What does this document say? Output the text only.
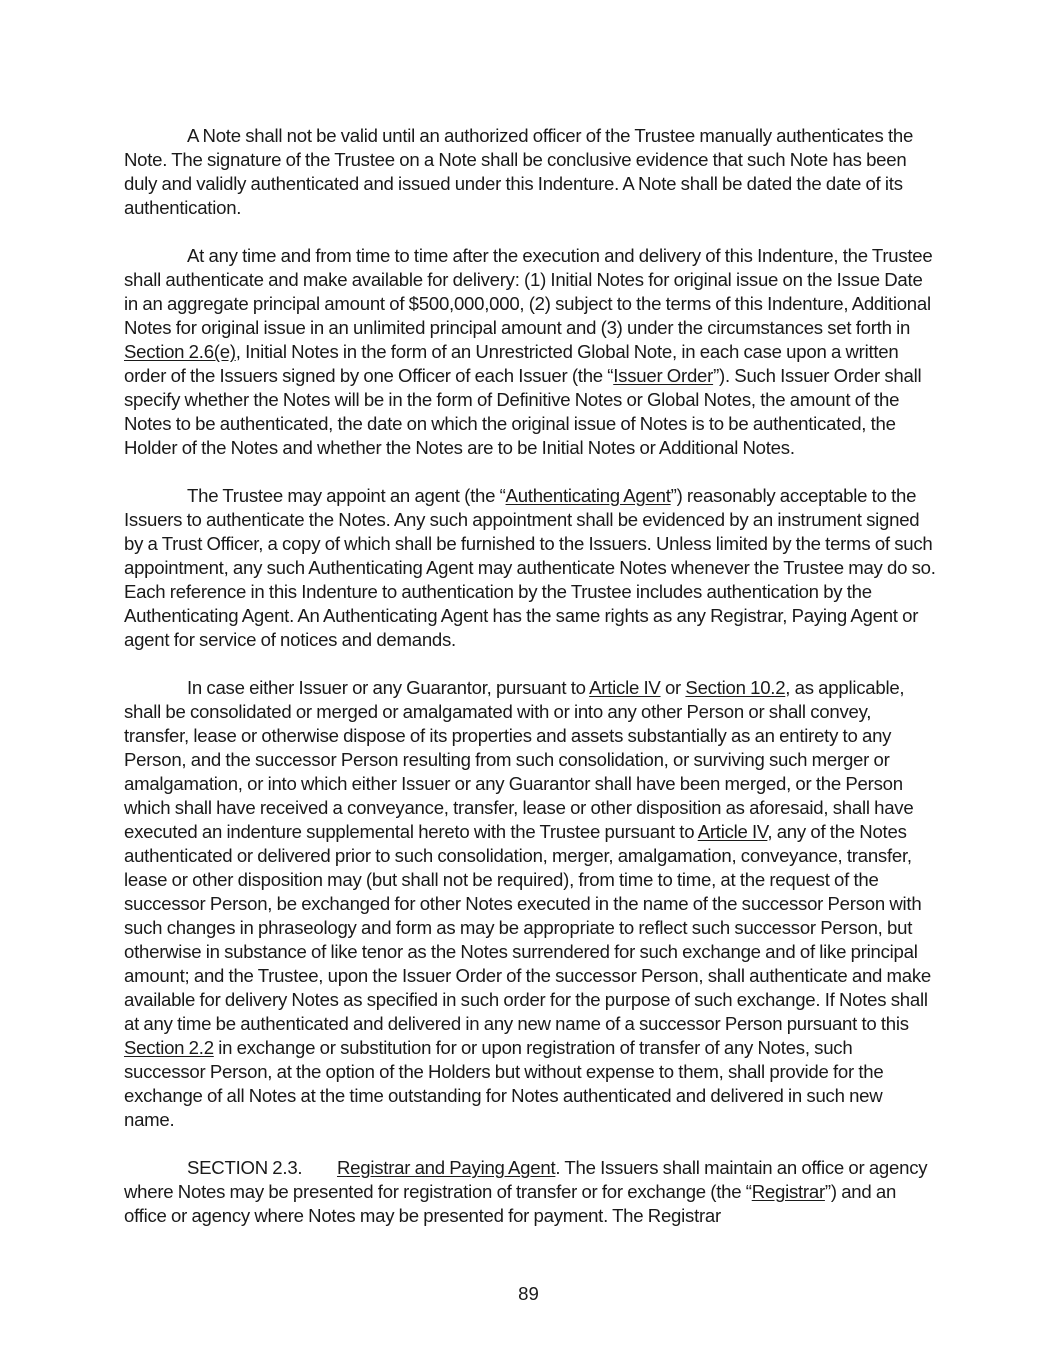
A Note shall not be valid until an authorized officer of the Trustee manually authenticates the Note. The signature of the Trustee on a Note shall be conclusive evidence that such Note has been duly and validly authenticated and issued under this Indenture. A Note shall be dated the date of its authentication.

At any time and from time to time after the execution and delivery of this Indenture, the Trustee shall authenticate and make available for delivery: (1) Initial Notes for original issue on the Issue Date in an aggregate principal amount of $500,000,000, (2) subject to the terms of this Indenture, Additional Notes for original issue in an unlimited principal amount and (3) under the circumstances set forth in Section 2.6(e), Initial Notes in the form of an Unrestricted Global Note, in each case upon a written order of the Issuers signed by one Officer of each Issuer (the “Issuer Order”). Such Issuer Order shall specify whether the Notes will be in the form of Definitive Notes or Global Notes, the amount of the Notes to be authenticated, the date on which the original issue of Notes is to be authenticated, the Holder of the Notes and whether the Notes are to be Initial Notes or Additional Notes.

The Trustee may appoint an agent (the “Authenticating Agent”) reasonably acceptable to the Issuers to authenticate the Notes. Any such appointment shall be evidenced by an instrument signed by a Trust Officer, a copy of which shall be furnished to the Issuers. Unless limited by the terms of such appointment, any such Authenticating Agent may authenticate Notes whenever the Trustee may do so. Each reference in this Indenture to authentication by the Trustee includes authentication by the Authenticating Agent. An Authenticating Agent has the same rights as any Registrar, Paying Agent or agent for service of notices and demands.

In case either Issuer or any Guarantor, pursuant to Article IV or Section 10.2, as applicable, shall be consolidated or merged or amalgamated with or into any other Person or shall convey, transfer, lease or otherwise dispose of its properties and assets substantially as an entirety to any Person, and the successor Person resulting from such consolidation, or surviving such merger or amalgamation, or into which either Issuer or any Guarantor shall have been merged, or the Person which shall have received a conveyance, transfer, lease or other disposition as aforesaid, shall have executed an indenture supplemental hereto with the Trustee pursuant to Article IV, any of the Notes authenticated or delivered prior to such consolidation, merger, amalgamation, conveyance, transfer, lease or other disposition may (but shall not be required), from time to time, at the request of the successor Person, be exchanged for other Notes executed in the name of the successor Person with such changes in phraseology and form as may be appropriate to reflect such successor Person, but otherwise in substance of like tenor as the Notes surrendered for such exchange and of like principal amount; and the Trustee, upon the Issuer Order of the successor Person, shall authenticate and make available for delivery Notes as specified in such order for the purpose of such exchange. If Notes shall at any time be authenticated and delivered in any new name of a successor Person pursuant to this Section 2.2 in exchange or substitution for or upon registration of transfer of any Notes, such successor Person, at the option of the Holders but without expense to them, shall provide for the exchange of all Notes at the time outstanding for Notes authenticated and delivered in such new name.

SECTION 2.3. Registrar and Paying Agent. The Issuers shall maintain an office or agency where Notes may be presented for registration of transfer or for exchange (the “Registrar”) and an office or agency where Notes may be presented for payment. The Registrar

89
